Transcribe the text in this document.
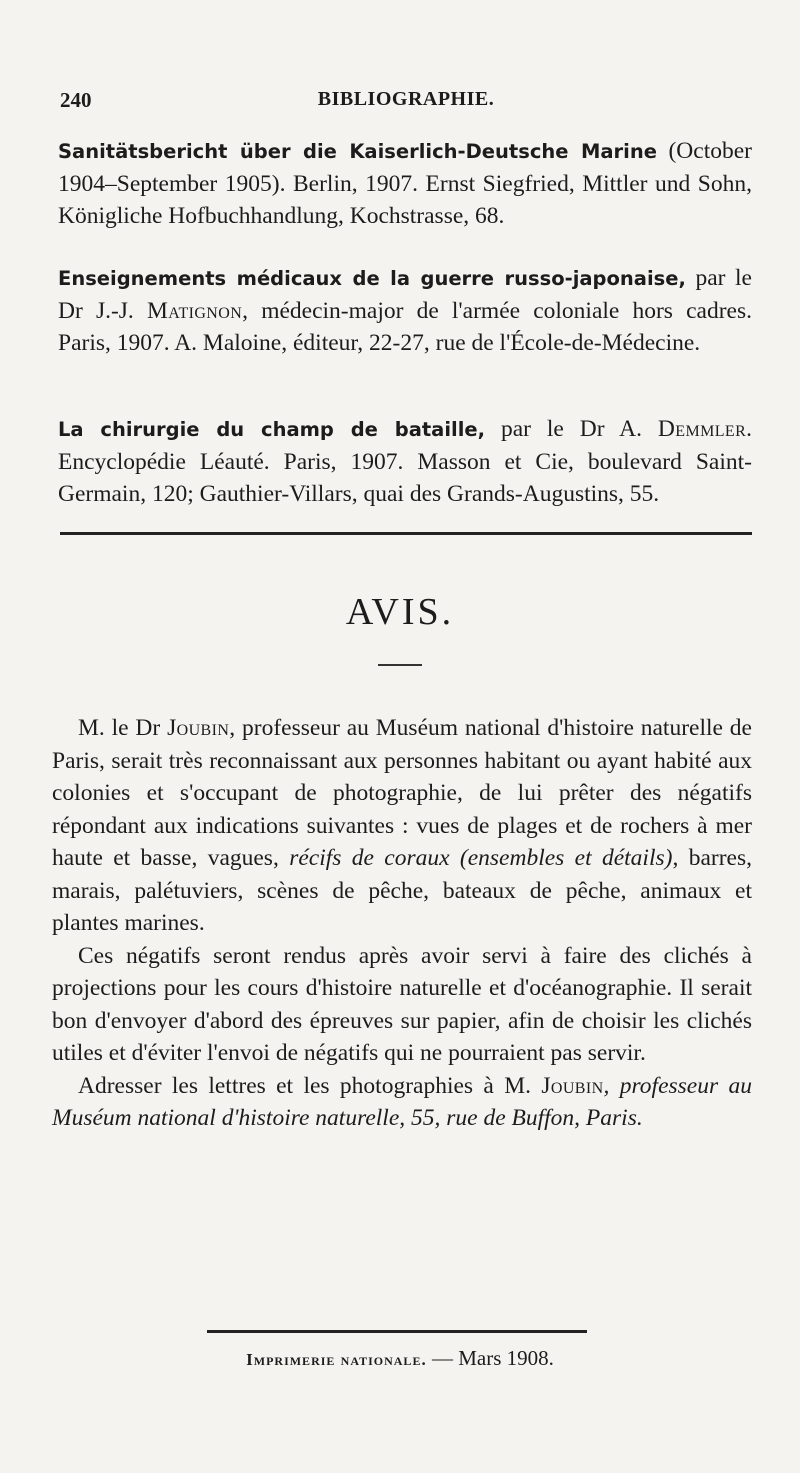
240	BIBLIOGRAPHIE.
Sanitätsbericht über die Kaiserlich-Deutsche Marine (October 1904–September 1905). Berlin, 1907. Ernst Siegfried, Mittler und Sohn, Königliche Hofbuchhandlung, Kochstrasse, 68.
Enseignements médicaux de la guerre russo-japonaise, par le Dr J.-J. Matignon, médecin-major de l'armée coloniale hors cadres. Paris, 1907. A. Maloine, éditeur, 22-27, rue de l'École-de-Médecine.
La chirurgie du champ de bataille, par le Dr A. Demmler. Encyclopédie Léauté. Paris, 1907. Masson et Cie, boulevard Saint-Germain, 120; Gauthier-Villars, quai des Grands-Augustins, 55.
AVIS.

M. le Dr Joubin, professeur au Muséum national d'histoire naturelle de Paris, serait très reconnaissant aux personnes habitant ou ayant habité aux colonies et s'occupant de photographie, de lui prêter des négatifs répondant aux indications suivantes : vues de plages et de rochers à mer haute et basse, vagues, récifs de coraux (ensembles et détails), barres, marais, palétuviers, scènes de pêche, bateaux de pêche, animaux et plantes marines.

Ces négatifs seront rendus après avoir servi à faire des clichés à projections pour les cours d'histoire naturelle et d'océanographie. Il serait bon d'envoyer d'abord des épreuves sur papier, afin de choisir les clichés utiles et d'éviter l'envoi de négatifs qui ne pourraient pas servir.

Adresser les lettres et les photographies à M. Joubin, professeur au Muséum national d'histoire naturelle, 55, rue de Buffon, Paris.

Imprimerie nationale. — Mars 1908.
